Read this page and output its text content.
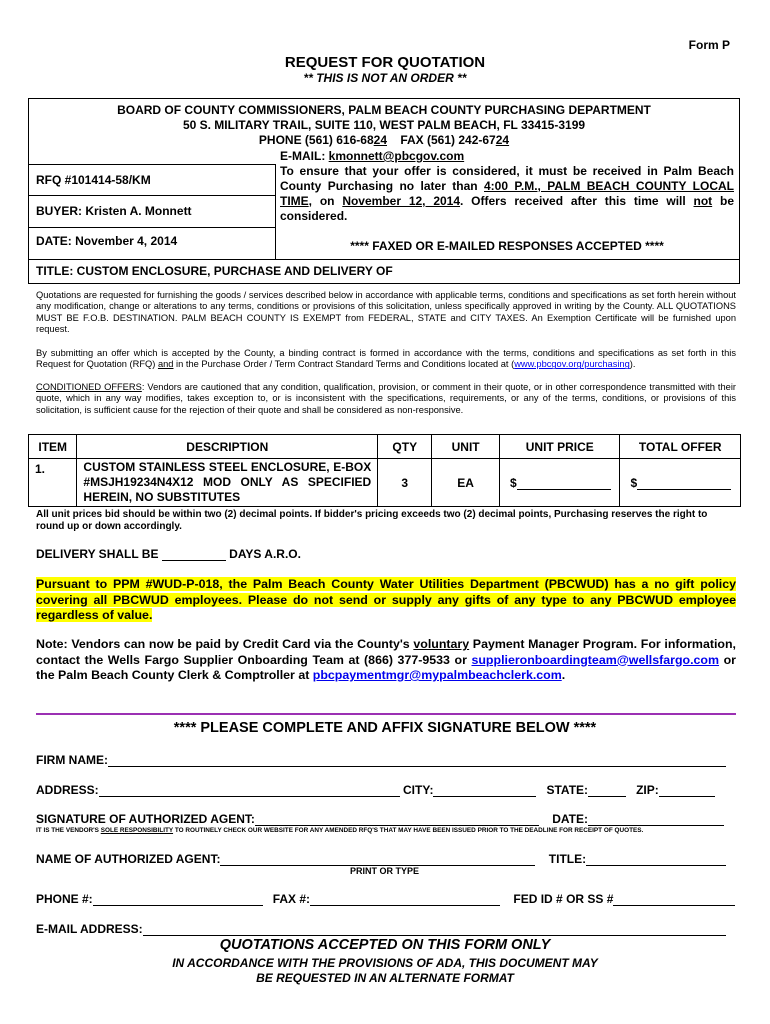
Form P
REQUEST FOR QUOTATION
** THIS IS NOT AN ORDER **
BOARD OF COUNTY COMMISSIONERS, PALM BEACH COUNTY PURCHASING DEPARTMENT
50 S. MILITARY TRAIL, SUITE 110, WEST PALM BEACH, FL 33415-3199
PHONE (561) 616-6824    FAX (561) 242-6724
E-MAIL: kmonnett@pbcgov.com
RFQ #101414-58/KM
BUYER: Kristen A. Monnett
DATE: November 4, 2014
To ensure that your offer is considered, it must be received in Palm Beach County Purchasing no later than 4:00 P.M., PALM BEACH COUNTY LOCAL TIME, on November 12, 2014. Offers received after this time will not be considered.
**** FAXED OR E-MAILED RESPONSES ACCEPTED ****
TITLE: CUSTOM ENCLOSURE, PURCHASE AND DELIVERY OF
Quotations are requested for furnishing the goods / services described below in accordance with applicable terms, conditions and specifications as set forth herein without any modification, change or alterations to any terms, conditions or provisions of this solicitation, unless specifically approved in writing by the County. ALL QUOTATIONS MUST BE F.O.B. DESTINATION. PALM BEACH COUNTY IS EXEMPT from FEDERAL, STATE and CITY TAXES. An Exemption Certificate will be furnished upon request.
By submitting an offer which is accepted by the County, a binding contract is formed in accordance with the terms, conditions and specifications as set forth in this Request for Quotation (RFQ) and in the Purchase Order / Term Contract Standard Terms and Conditions located at (www.pbcgov.org/purchasing).
CONDITIONED OFFERS: Vendors are cautioned that any condition, qualification, provision, or comment in their quote, or in other correspondence transmitted with their quote, which in any way modifies, takes exception to, or is inconsistent with the specifications, requirements, or any of the terms, conditions, or provisions of this solicitation, is sufficient cause for the rejection of their quote and shall be considered as non-responsive.
ITEM	DESCRIPTION	QTY	UNIT	UNIT PRICE	TOTAL OFFER
1.	CUSTOM STAINLESS STEEL ENCLOSURE, E-BOX #MSJH19234N4X12 MOD ONLY AS SPECIFIED HEREIN, NO SUBSTITUTES	3	EA	$	$
All unit prices bid should be within two (2) decimal points. If bidder's pricing exceeds two (2) decimal points, Purchasing reserves the right to round up or down accordingly.
DELIVERY SHALL BE	DAYS A.R.O.
Pursuant to PPM #WUD-P-018, the Palm Beach County Water Utilities Department (PBCWUD) has a no gift policy covering all PBCWUD employees. Please do not send or supply any gifts of any type to any PBCWUD employee regardless of value.
Note: Vendors can now be paid by Credit Card via the County's voluntary Payment Manager Program. For information, contact the Wells Fargo Supplier Onboarding Team at (866) 377-9533 or supplieronboardingteam@wellsfargo.com or the Palm Beach County Clerk & Comptroller at pbcpaymentmgr@mypalmbeachclerk.com.
**** PLEASE COMPLETE AND AFFIX SIGNATURE BELOW ****
FIRM NAME:
ADDRESS:	CITY:	STATE:	ZIP:
SIGNATURE OF AUTHORIZED AGENT:	DATE:
IT IS THE VENDOR'S SOLE RESPONSIBILITY TO ROUTINELY CHECK OUR WEBSITE FOR ANY AMENDED RFQ'S THAT MAY HAVE BEEN ISSUED PRIOR TO THE DEADLINE FOR RECEIPT OF QUOTES.
NAME OF AUTHORIZED AGENT:	TITLE:
PRINT OR TYPE
PHONE #:	FAX #:	FED ID # OR SS #
E-MAIL ADDRESS:
QUOTATIONS ACCEPTED ON THIS FORM ONLY
IN ACCORDANCE WITH THE PROVISIONS OF ADA, THIS DOCUMENT MAY
BE REQUESTED IN AN ALTERNATE FORMAT
